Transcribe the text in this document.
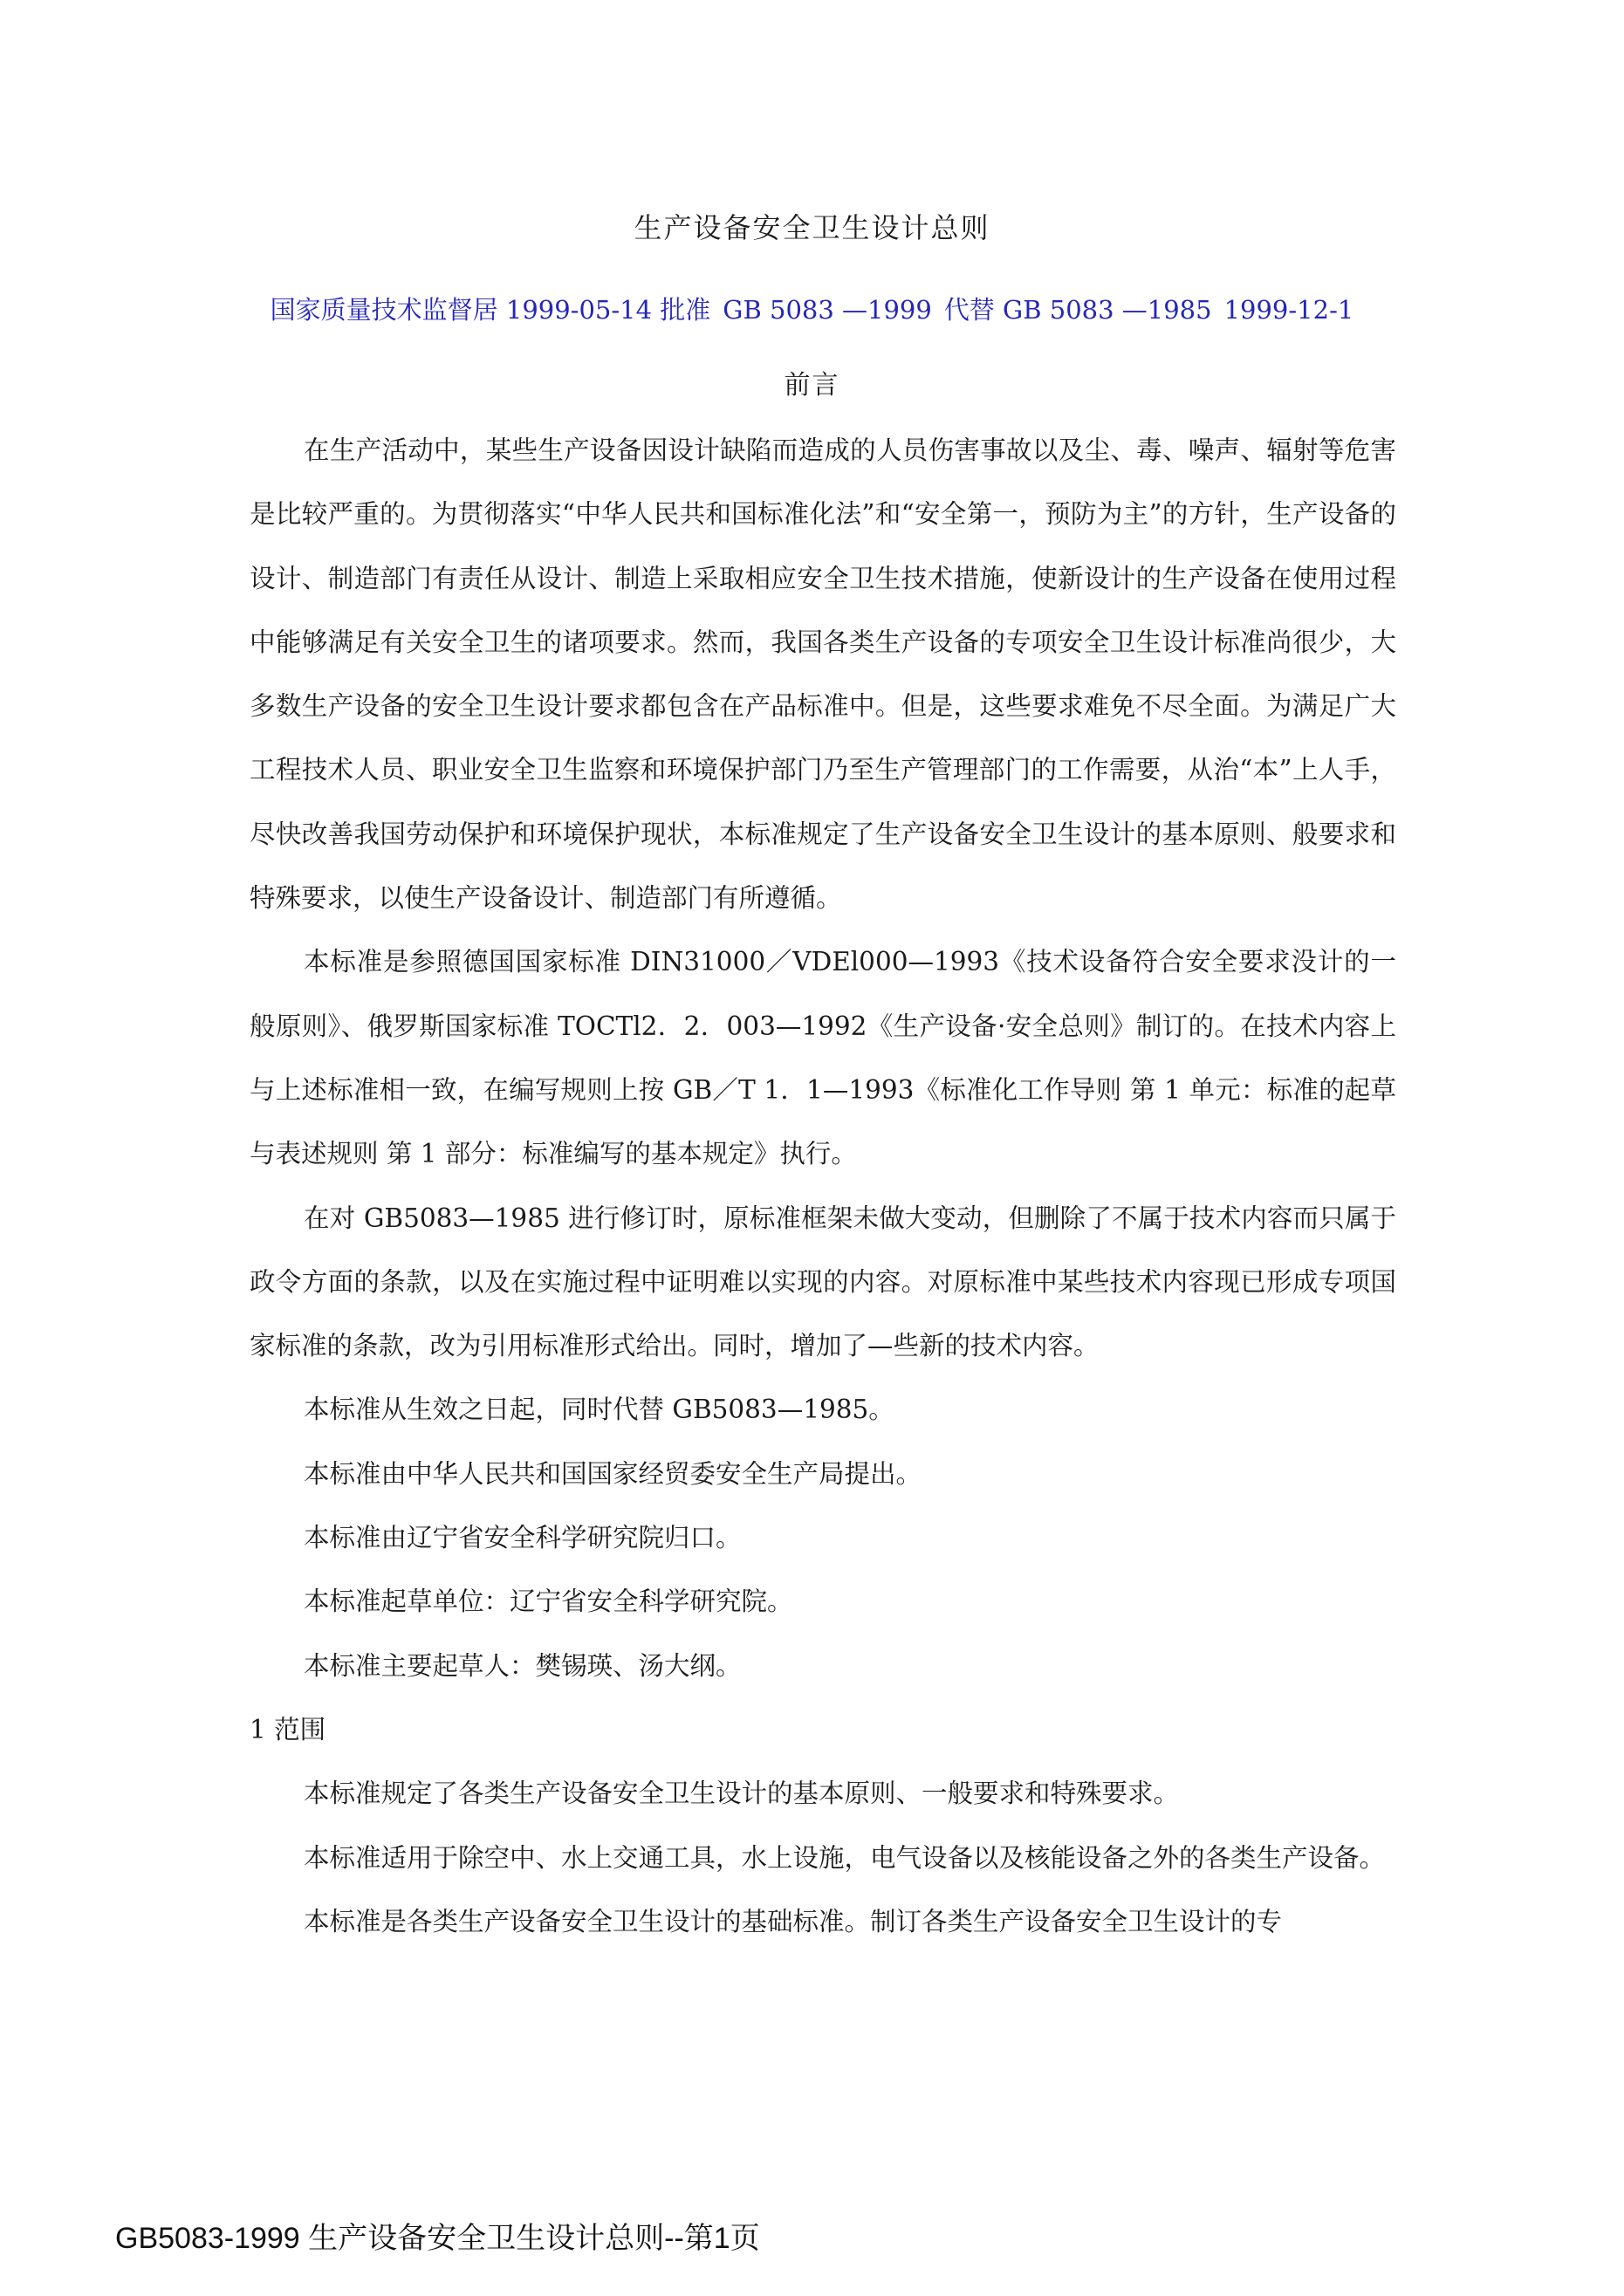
生产设备安全卫生设计总则
国家质量技术监督居 1999-05-14 批准 GB 5083 —1999 代替 GB 5083 —1985 1999-12-1
前言

在生产活动中，某些生产设备因设计缺陷而造成的人员伤害事故以及尘、毒、噪声、辐射等危害是比较严重的。为贯彻落实“中华人民共和国标准化法”和“安全第一，预防为主”的方针，生产设备的设计、制造部门有责任从设计、制造上采取相应安全卫生技术措施，使新设计的生产设备在使用过程中能够满足有关安全卫生的诸项要求。然而，我国各类生产设备的专项安全卫生设计标准尚很少，大多数生产设备的安全卫生设计要求都包含在产品标准中。但是，这些要求难免不尽全面。为满足广大工程技术人员、职业安全卫生监察和环境保护部门乃至生产管理部门的工作需要，从治“本”上人手，尽快改善我国劳动保护和环境保护现状，本标准规定了生产设备安全卫生设计的基本原则、般要求和特殊要求，以使生产设备设计、制造部门有所遵循。

本标准是参照德国国家标准 DIN31000／VDEl000—1993《技术设备符合安全要求没计的一般原则》、俄罗斯国家标准 TOCTl2．2．003—1992《生产设备·安全总则》制订的。在技术内容上与上述标准相一致，在编写规则上按 GB／T 1．1—1993《标准化工作导则 第 1 单元：标准的起草与表述规则 第 1 部分：标准编写的基本规定》执行。

在对 GB5083—1985 进行修订时，原标准框架未做大变动，但删除了不属于技术内容而只属于政令方面的条款，以及在实施过程中证明难以实现的内容。对原标准中某些技术内容现已形成专项国家标准的条款，改为引用标准形式给出。同时，增加了—些新的技术内容。

本标准从生效之日起，同时代替 GB5083—1985。

本标准由中华人民共和国国家经贸委安全生产局提出。

本标准由辽宁省安全科学研究院归口。

本标准起草单位：辽宁省安全科学研究院。

本标准主要起草人：樊锡瑛、汤大纲。

1 范围

本标准规定了各类生产设备安全卫生设计的基本原则、一般要求和特殊要求。

本标准适用于除空中、水上交通工具，水上设施，电气设备以及核能设备之外的各类生产设备。

本标准是各类生产设备安全卫生设计的基础标准。制订各类生产设备安全卫生设计的专

GB5083-1999 生产设备安全卫生设计总则--第1页
